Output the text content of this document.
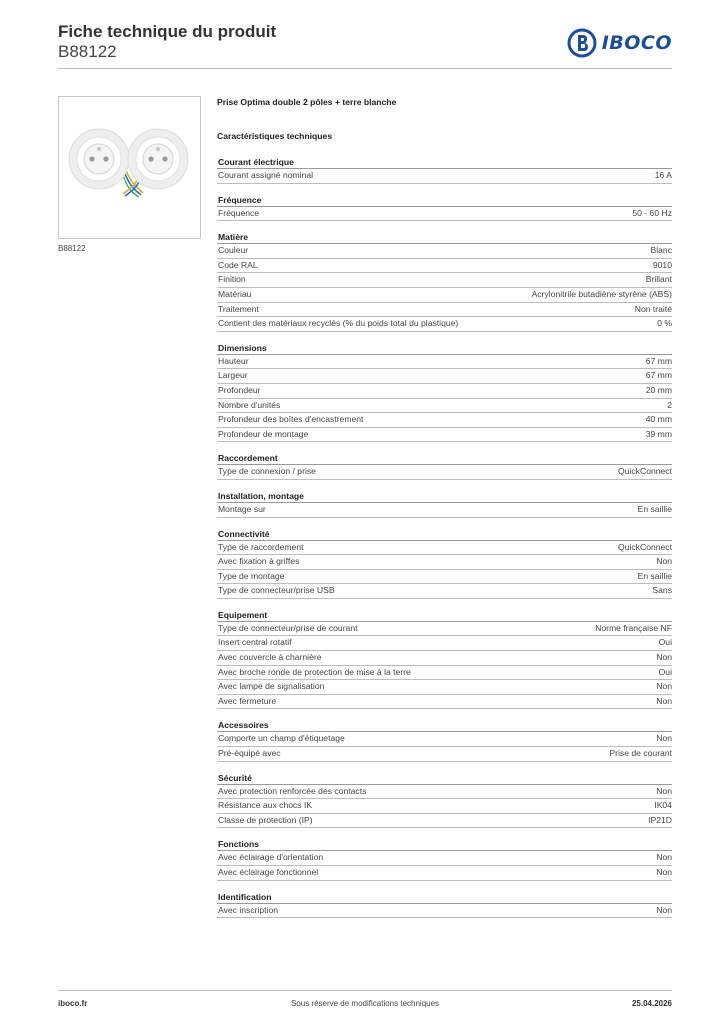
Fiche technique du produit
B88122	IBOCO
B88122
Prise Optima double 2 pôles + terre blanche
Caractéristiques techniques
Courant électrique
Courant assigné nominal	16 A
Fréquence
Fréquence	50 - 60 Hz
Matière
Couleur	Blanc
Code RAL	9010
Finition	Brillant
Matériau	Acrylonitrile butadiène styrène (ABS)
Traitement	Non traité
Contient des matériaux recyclés (% du poids total du plastique)	0 %
Dimensions
Hauteur	67 mm
Largeur	67 mm
Profondeur	20 mm
Nombre d'unités	2
Profondeur des boîtes d'encastrement	40 mm
Profondeur de montage	39 mm
Raccordement
Type de connexion / prise	QuickConnect
Installation, montage
Montage sur	En saillie
Connectivité
Type de raccordement	QuickConnect
Avec fixation à griffes	Non
Type de montage	En saillie
Type de connecteur/prise USB	Sans
Equipement
Type de connecteur/prise de courant	Norme française NF
Insert central rotatif	Oui
Avec couvercle à charnière	Non
Avec broche ronde de protection de mise à la terre	Oui
Avec lampe de signalisation	Non
Avec fermeture	Non
Accessoires
Comporte un champ d'étiquetage	Non
Pré-équipé avec	Prise de courant
Sécurité
Avec protection renforcée des contacts	Non
Résistance aux chocs IK	IK04
Classe de protection (IP)	IP21D
Fonctions
Avec éclairage d'orientation	Non
Avec éclairage fonctionnel	Non
Identification
Avec inscription	Non
iboco.fr	Sous réserve de modifications techniques	25.04.2026
